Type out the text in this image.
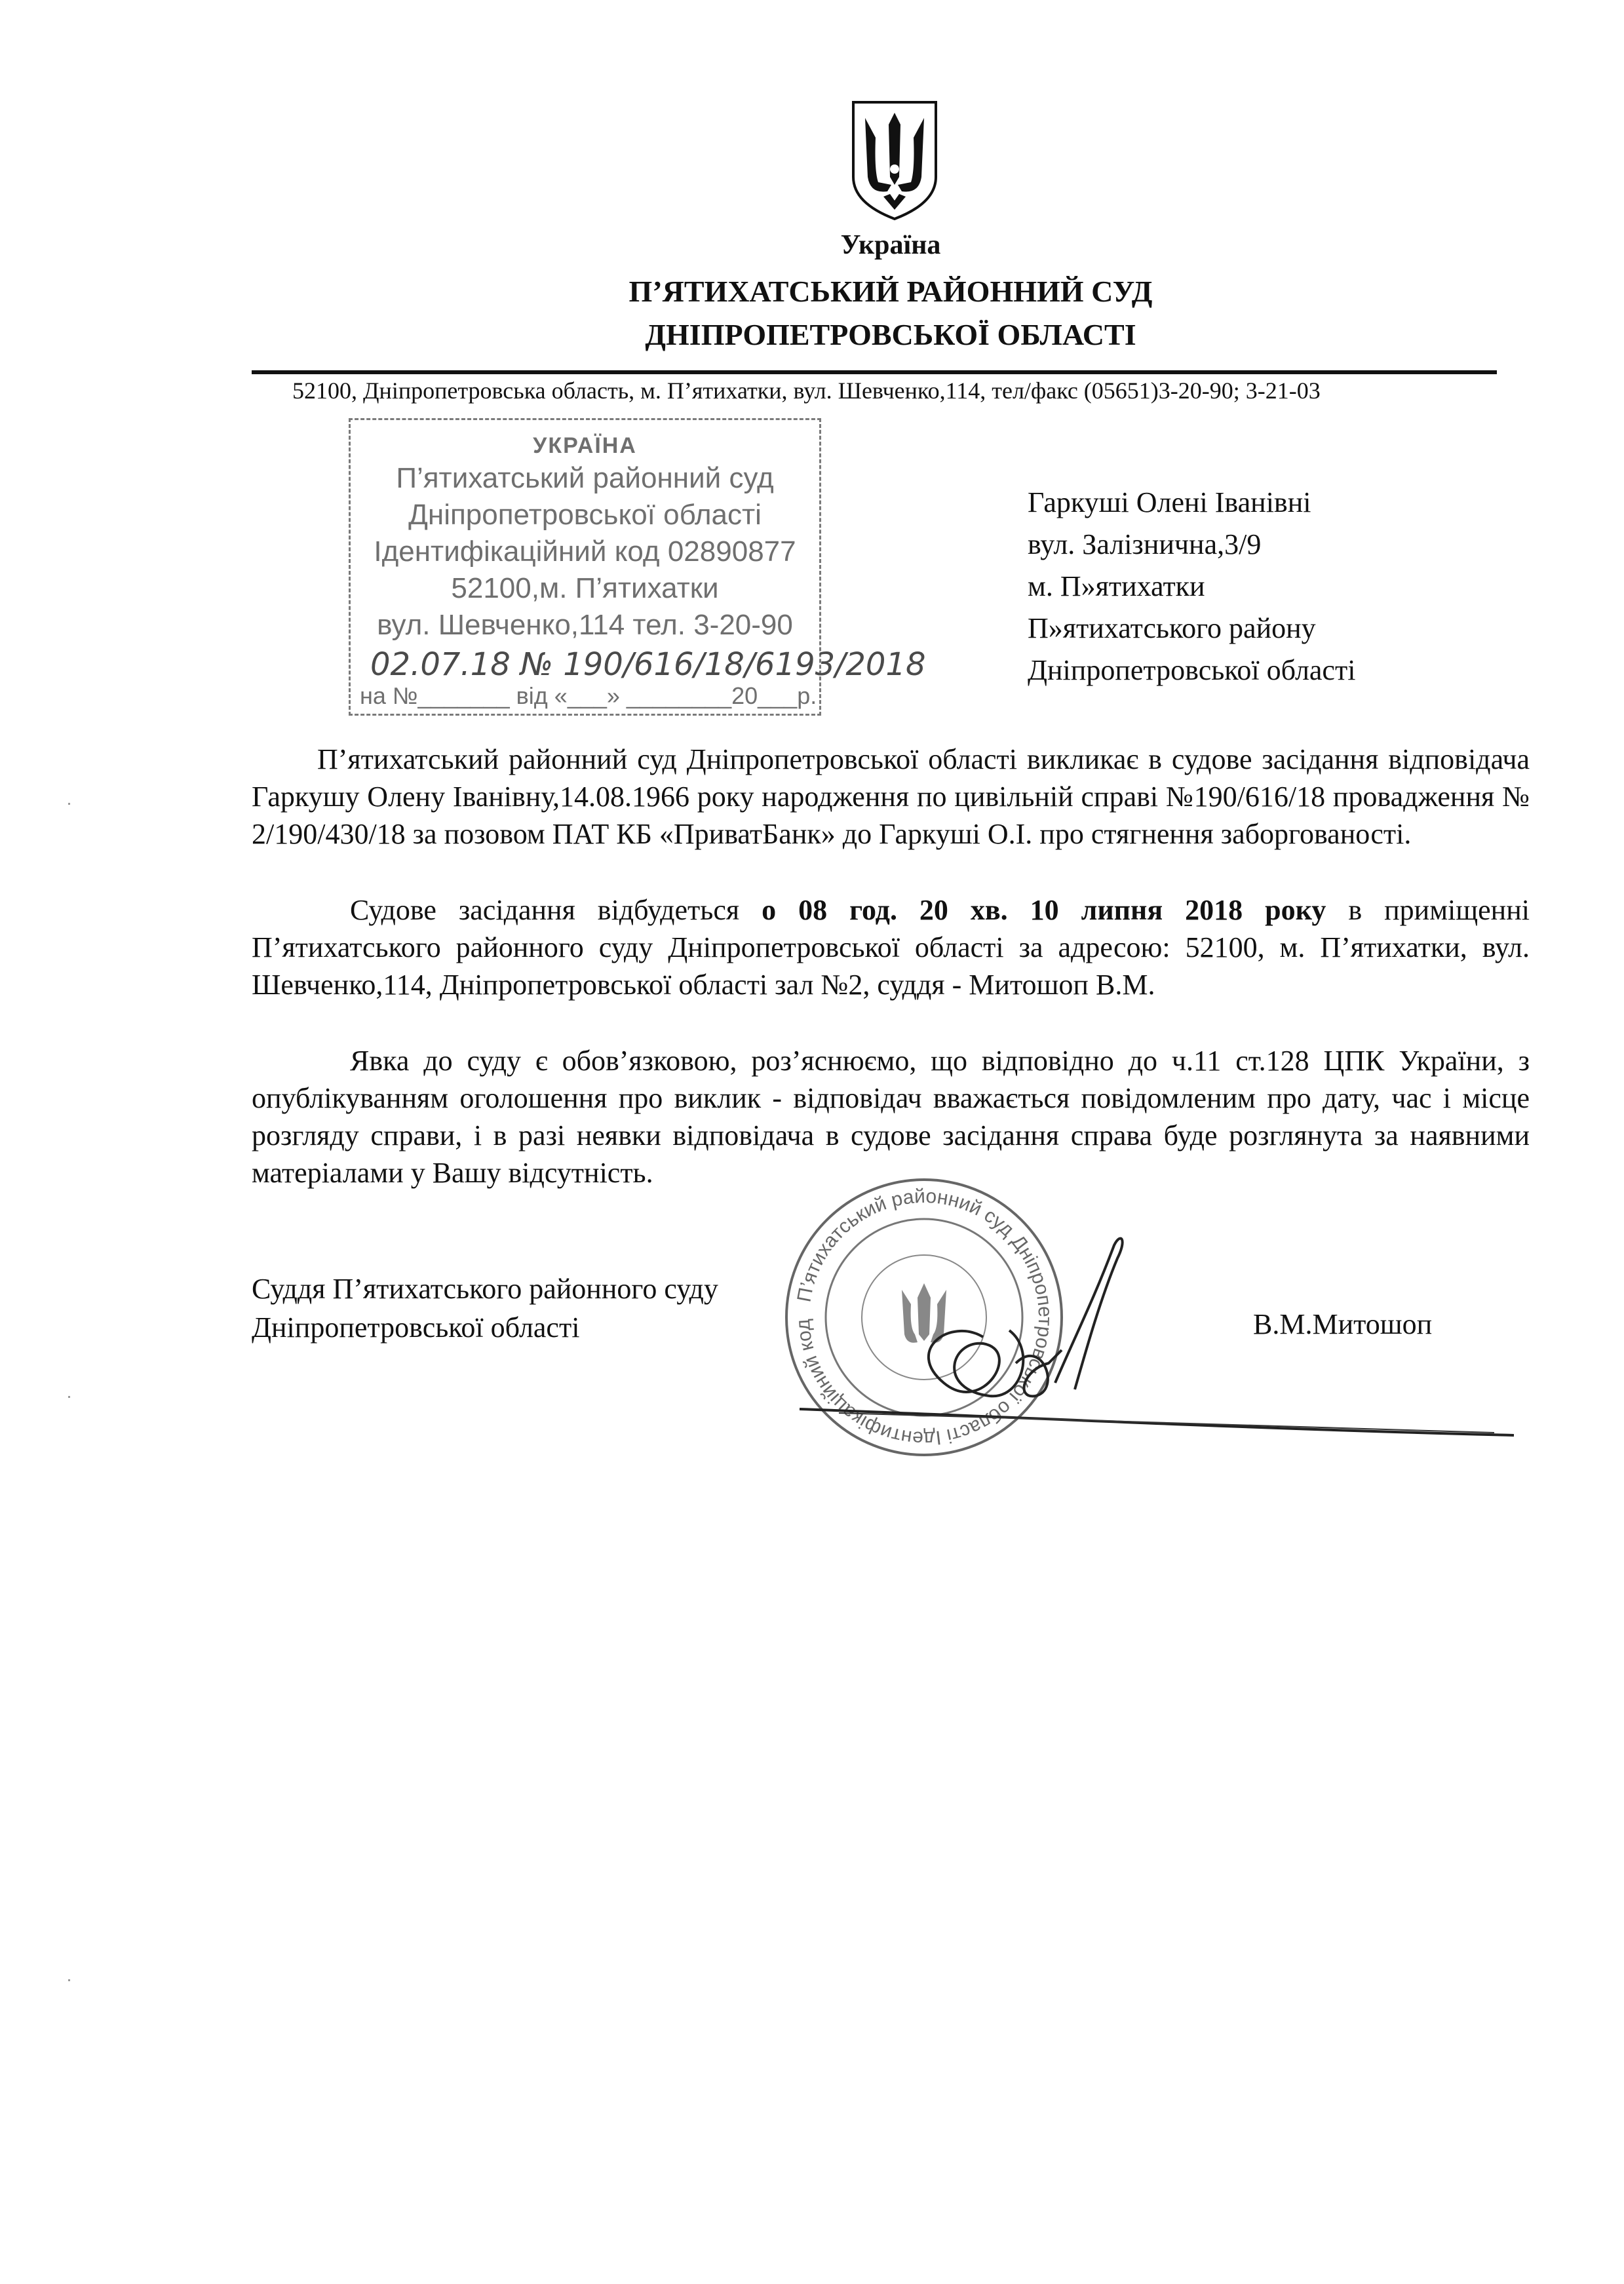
Україна
П’ЯТИХАТСЬКИЙ РАЙОННИЙ СУД
ДНІПРОПЕТРОВСЬКОЇ ОБЛАСТІ
52100, Дніпропетровська область, м. П’ятихатки, вул. Шевченко,114, тел/факс (05651)3-20-90; 3-21-03
УКРАЇНА
П’ятихатський районний суд
Дніпропетровської області
Ідентифікаційний код 02890877
52100,м. П’ятихатки
вул. Шевченко,114 тел. 3-20-90
02.07.18 № 190/616/18/6193/2018
на №_______ від «___» ________20___р.
Гаркуші Олені Іванівні
вул. Залізнична,3/9
м. П»ятихатки
П»ятихатського району
Дніпропетровської області
П’ятихатський районний суд Дніпропетровської області викликає в судове засідання відповідача Гаркушу Олену Іванівну,14.08.1966 року народження по цивільній справі №190/616/18 провадження № 2/190/430/18 за позовом ПАТ КБ «ПриватБанк» до Гаркуші О.І. про стягнення заборгованості.
Судове засідання відбудеться о 08 год. 20 хв. 10 липня 2018 року в приміщенні П’ятихатського районного суду Дніпропетровської області за адресою: 52100, м. П’ятихатки, вул. Шевченко,114, Дніпропетровської області зал №2, суддя - Митошоп В.М.
Явка до суду є обов’язковою, роз’яснюємо, що відповідно до ч.11 ст.128 ЦПК України, з опублікуванням оголошення про виклик - відповідач вважається повідомленим про дату, час і місце розгляду справи, і в разі неявки відповідача в судове засідання справа буде розглянута за наявними матеріалами у Вашу відсутність.
Суддя П’ятихатського районного суду
Дніпропетровської області
П’ятихатський районний суд Дніпропетровської області Ідентифікаційний код	В.М.Митошоп
